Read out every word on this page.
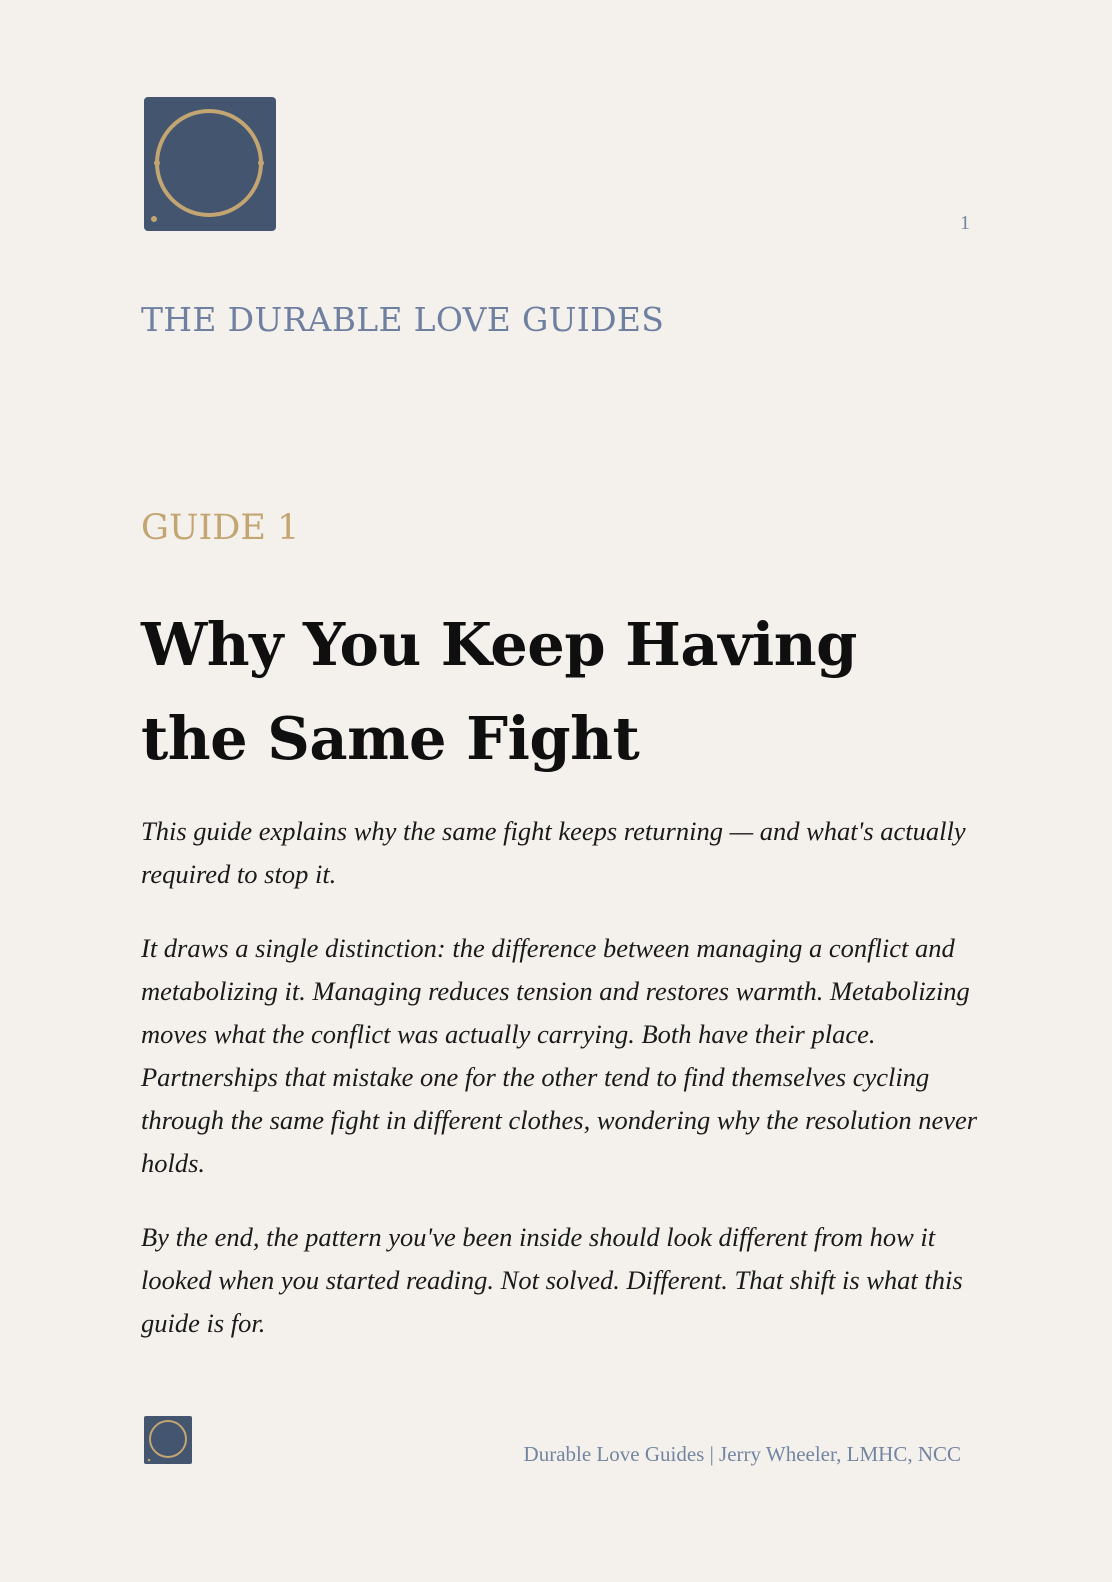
1
THE DURABLE LOVE GUIDES
GUIDE 1
Why You Keep Having the Same Fight

This guide explains why the same fight keeps returning — and what's actually required to stop it.

It draws a single distinction: the difference between managing a conflict and metabolizing it. Managing reduces tension and restores warmth. Metabolizing moves what the conflict was actually carrying. Both have their place. Partnerships that mistake one for the other tend to find themselves cycling through the same fight in different clothes, wondering why the resolution never holds.

By the end, the pattern you've been inside should look different from how it looked when you started reading. Not solved. Different. That shift is what this guide is for.

Durable Love Guides | Jerry Wheeler, LMHC, NCC
